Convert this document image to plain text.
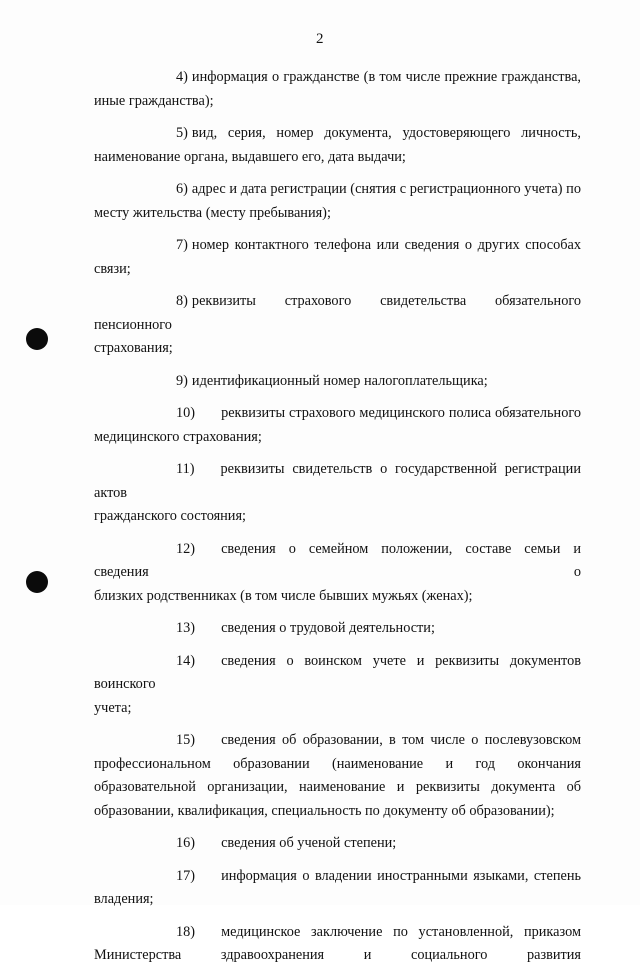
2
4) информация о гражданстве (в том числе прежние гражданства,
иные гражданства);
5) вид, серия, номер документа, удостоверяющего личность,
наименование органа, выдавшего его, дата выдачи;
6) адрес и дата регистрации (снятия с регистрационного учета) по
месту жительства (месту пребывания);
7) номер контактного телефона или сведения о других способах
связи;
8) реквизиты страхового свидетельства обязательного пенсионного
страхования;
9) идентификационный номер налогоплательщика;
10) реквизиты страхового медицинского полиса обязательного
медицинского страхования;
11) реквизиты свидетельств о государственной регистрации актов
гражданского состояния;
12) сведения о семейном положении, составе семьи и сведения о
близких родственниках (в том числе бывших мужьях (женах);
13) сведения о трудовой деятельности;
14) сведения о воинском учете и реквизиты документов воинского
учета;
15) сведения об образовании, в том числе о послевузовском
профессиональном образовании (наименование и год окончания образовательной организации, наименование и реквизиты документа об образовании, квалификация, специальность по документу об образовании);
16) сведения об ученой степени;
17) информация о владении иностранными языками, степень
владения;
18) медицинское заключение по установленной, приказом
Министерства здравоохранения и социального развития
